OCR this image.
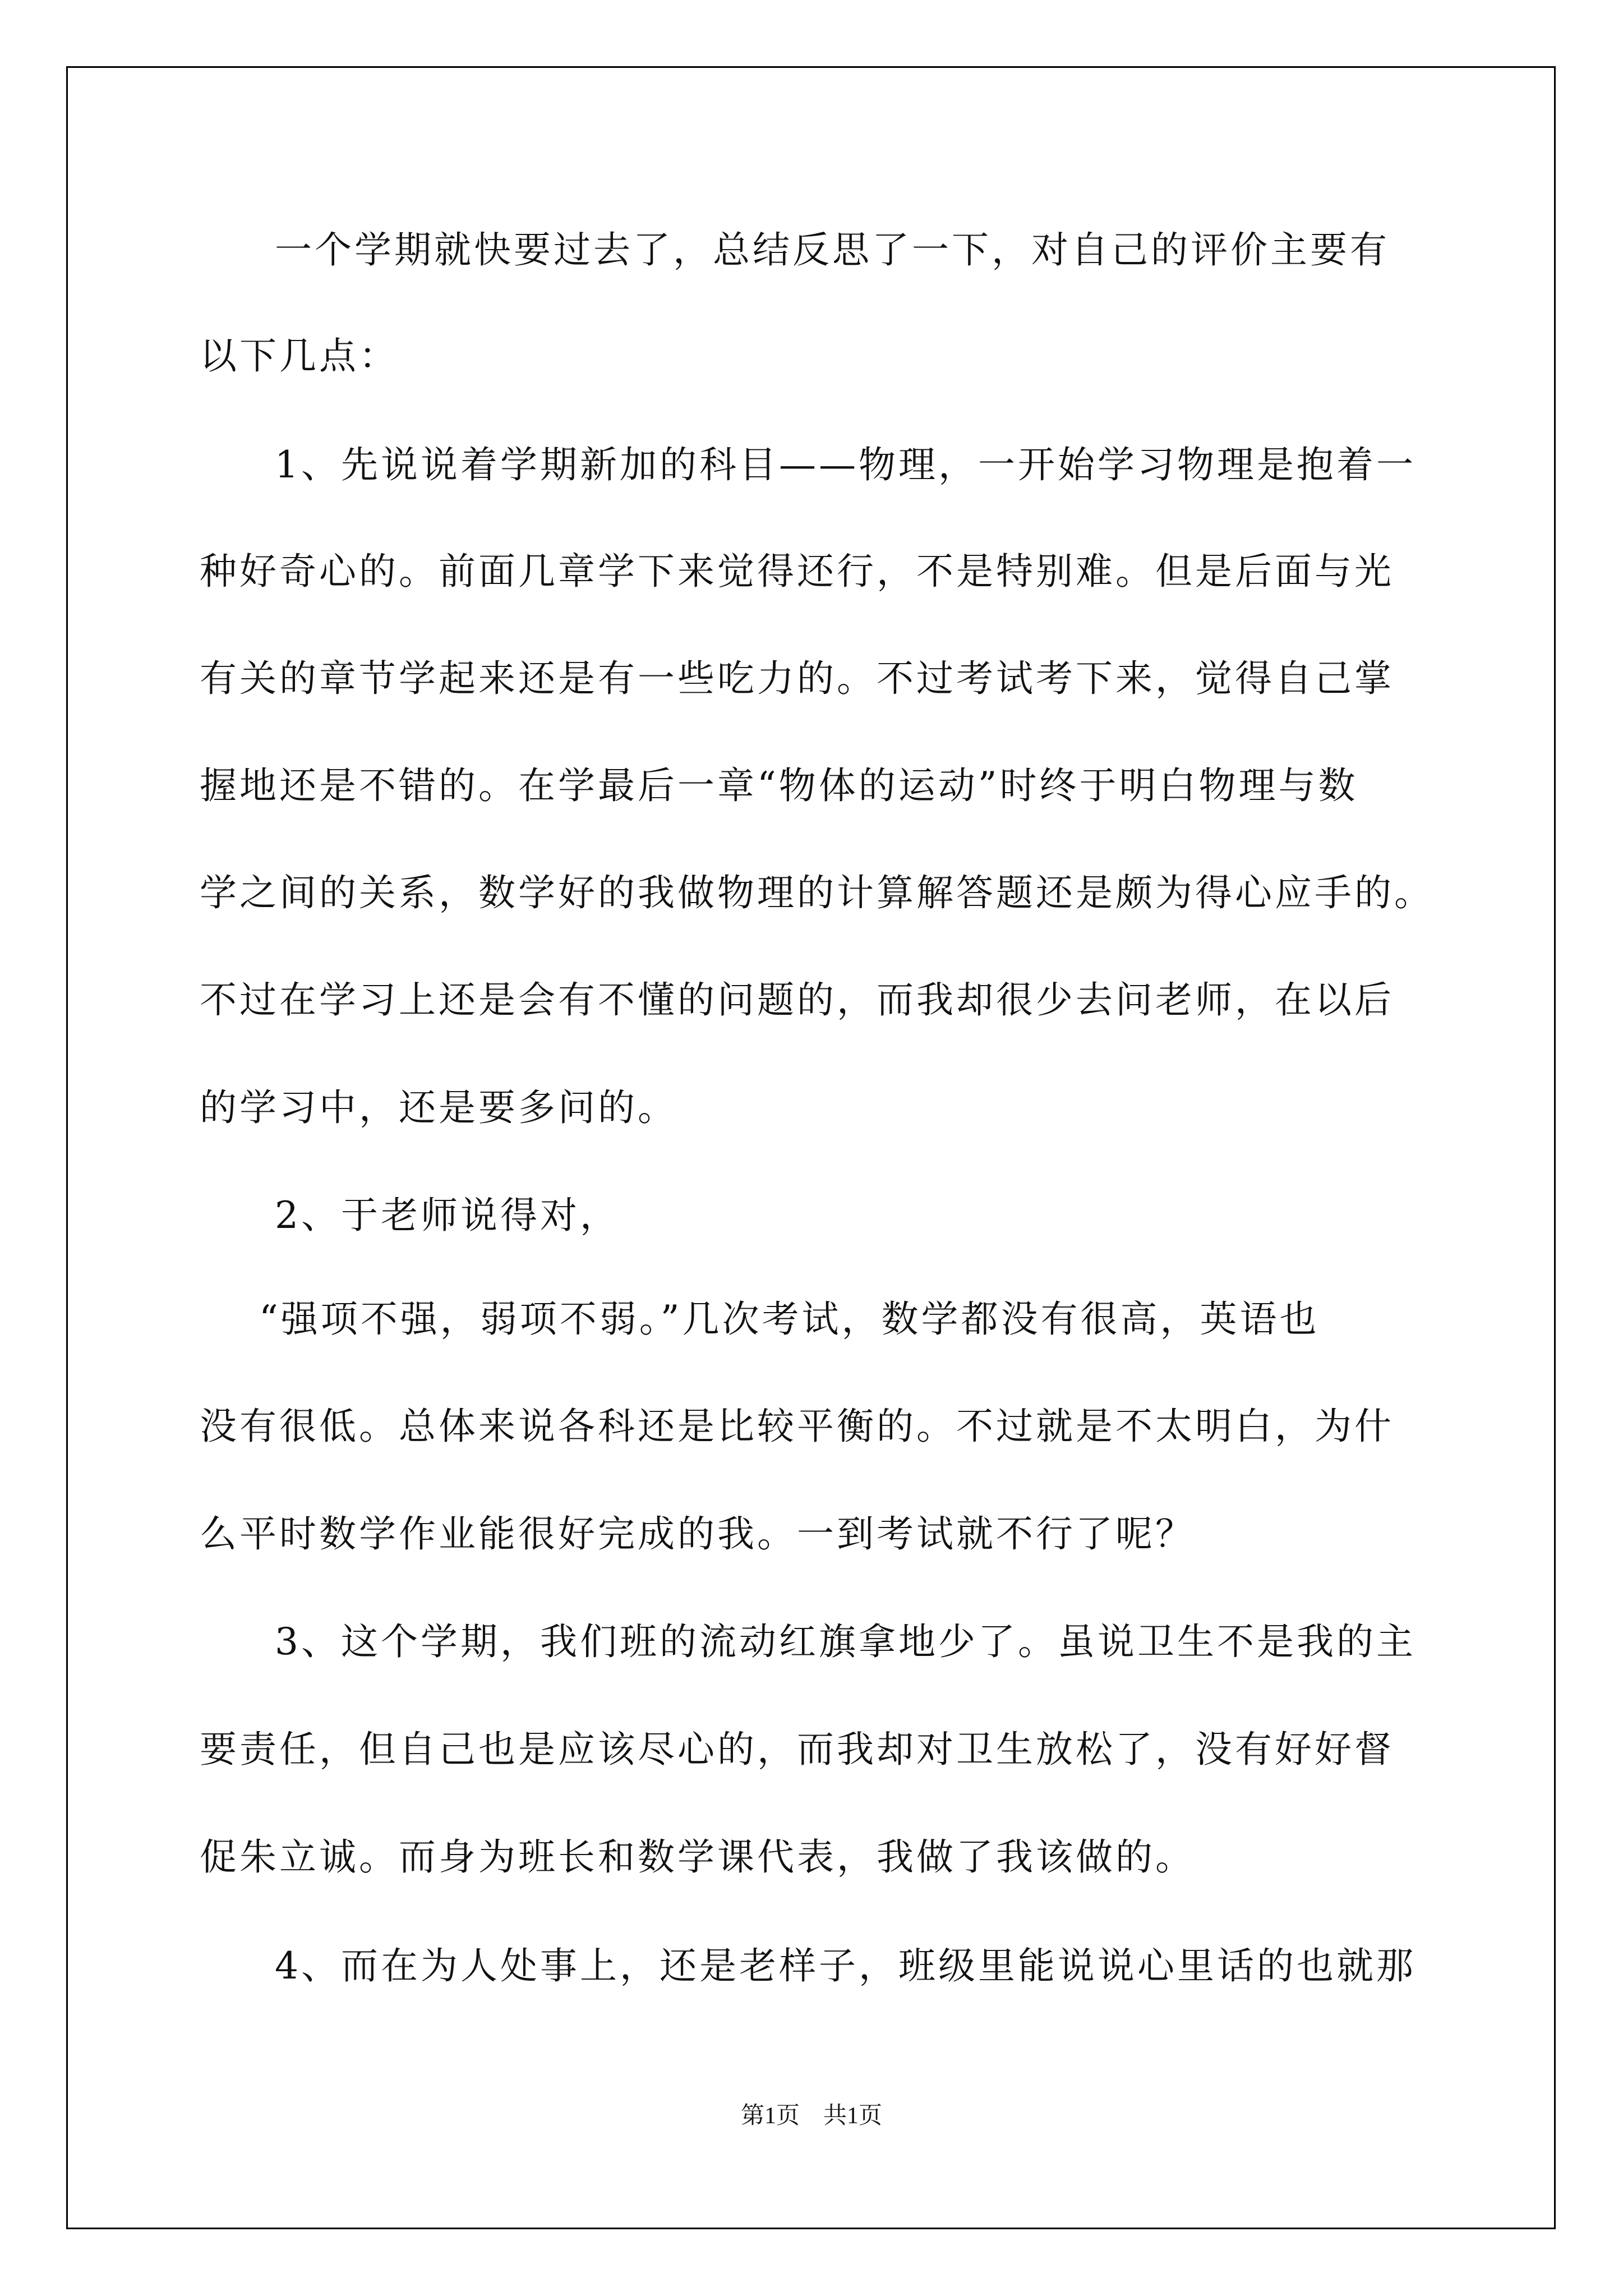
一个学期就快要过去了，总结反思了一下，对自己的评价主要有
以下几点：
1、先说说着学期新加的科目——物理，一开始学习物理是抱着一
种好奇心的。前面几章学下来觉得还行，不是特别难。但是后面与光
有关的章节学起来还是有一些吃力的。不过考试考下来，觉得自己掌
握地还是不错的。在学最后一章“物体的运动”时终于明白物理与数
学之间的关系，数学好的我做物理的计算解答题还是颇为得心应手的。
不过在学习上还是会有不懂的问题的，而我却很少去问老师，在以后
的学习中，还是要多问的。
2、于老师说得对，
“强项不强，弱项不弱。”几次考试，数学都没有很高，英语也
没有很低。总体来说各科还是比较平衡的。不过就是不太明白，为什
么平时数学作业能很好完成的我。一到考试就不行了呢？
3、这个学期，我们班的流动红旗拿地少了。虽说卫生不是我的主
要责任，但自己也是应该尽心的，而我却对卫生放松了，没有好好督
促朱立诚。而身为班长和数学课代表，我做了我该做的。
4、而在为人处事上，还是老样子，班级里能说说心里话的也就那
第1页　共1页
